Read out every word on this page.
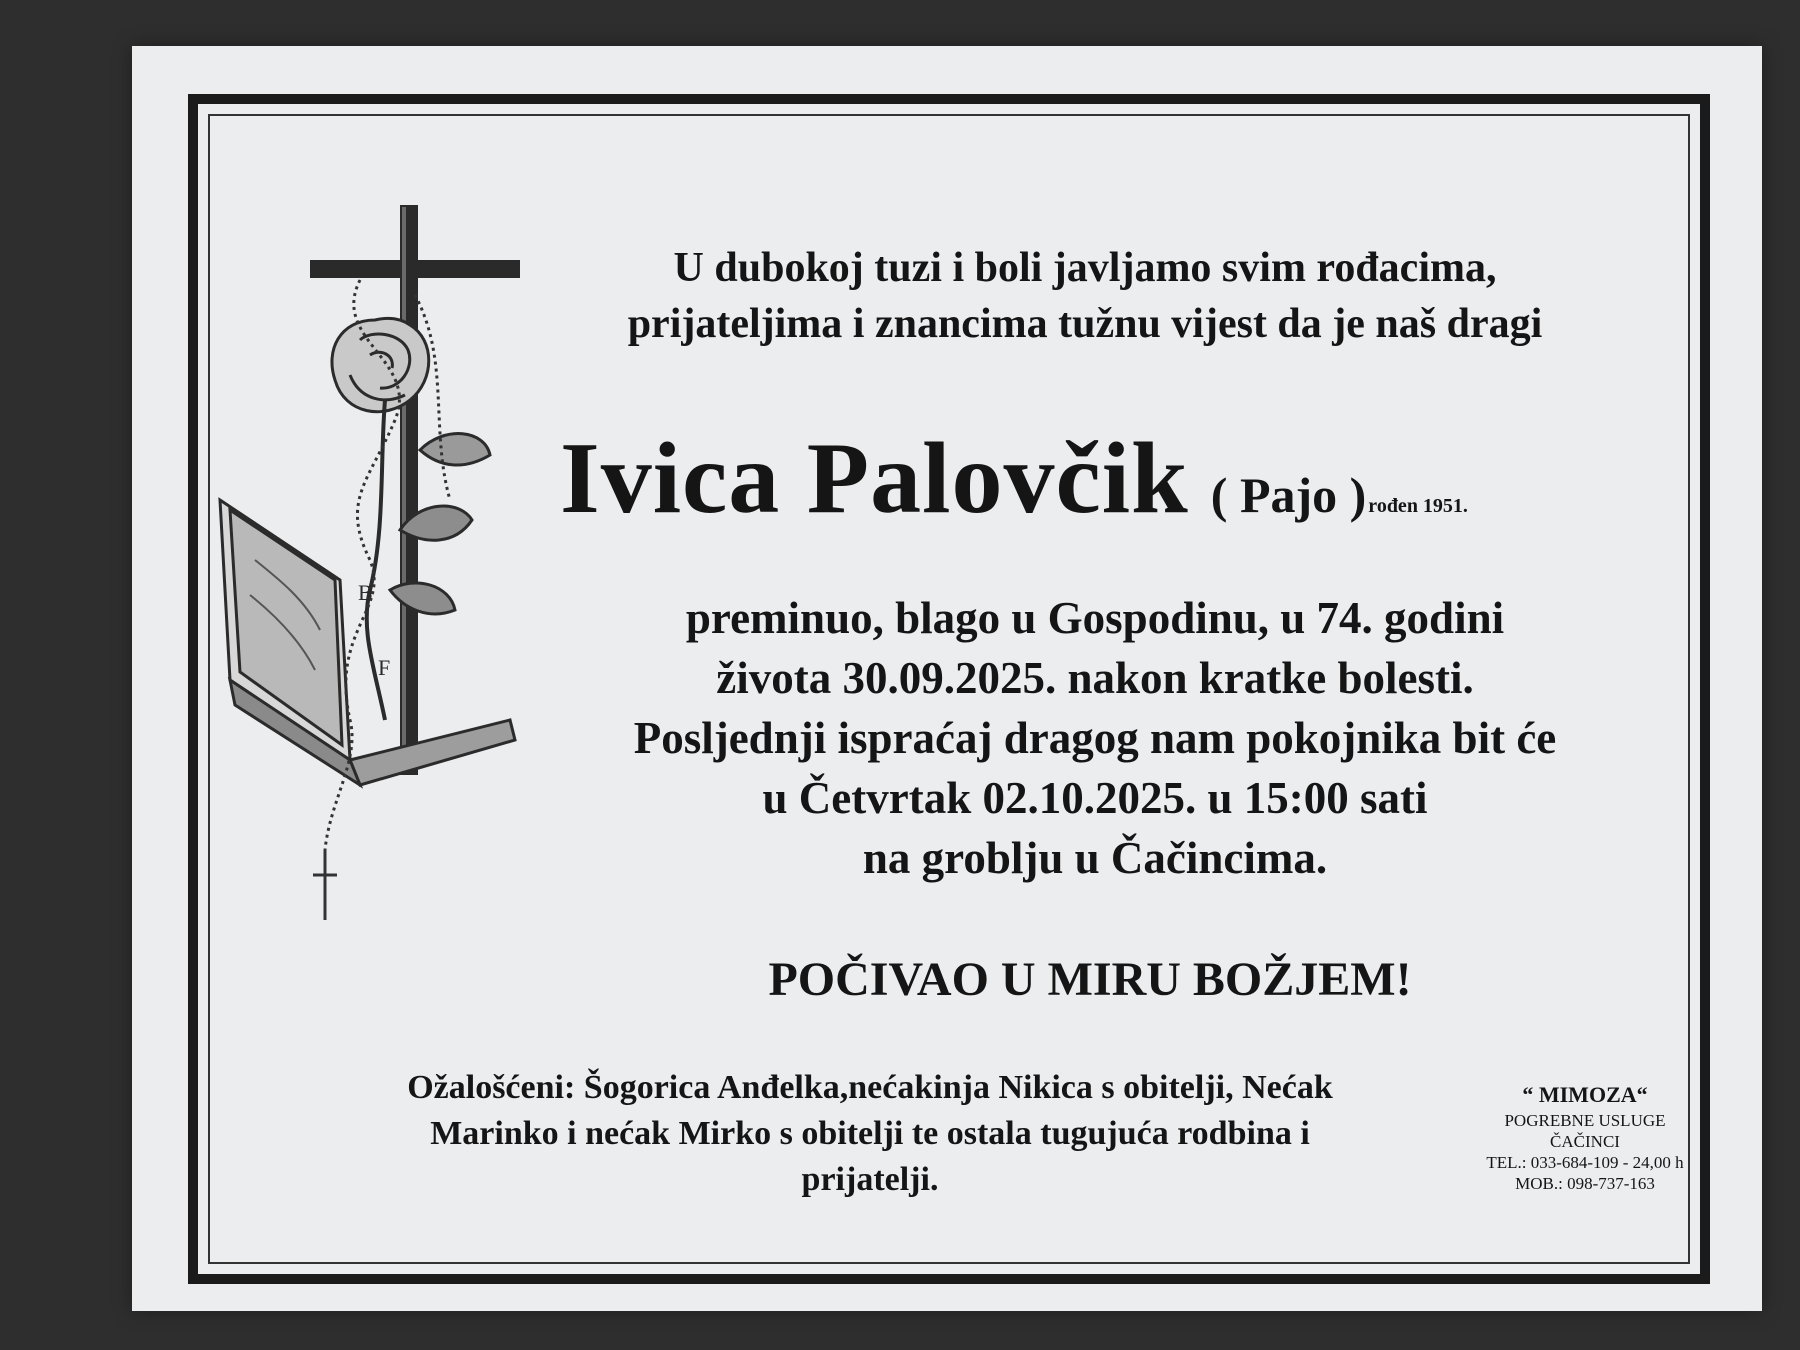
B
F
U dubokoj tuzi i boli javljamo svim rođacima,
prijateljima i znancima tužnu vijest da je naš dragi
Ivica Palovčik ( Pajo ) rođen 1951.
preminuo, blago u Gospodinu, u 74. godini
života 30.09.2025. nakon kratke bolesti.
Posljednji ispraćaj dragog nam pokojnika bit će
u Četvrtak 02.10.2025. u 15:00 sati
na groblju u Čačincima.
POČIVAO U MIRU BOŽJEM!
Ožalošćeni: Šogorica Anđelka,nećakinja Nikica s obitelji, Nećak
Marinko i nećak Mirko s obitelji te ostala tugujuća rodbina i
prijatelji.
“ MIMOZA“
POGREBNE USLUGE
ČAČINCI
TEL.: 033-684-109 - 24,00 h
MOB.: 098-737-163
